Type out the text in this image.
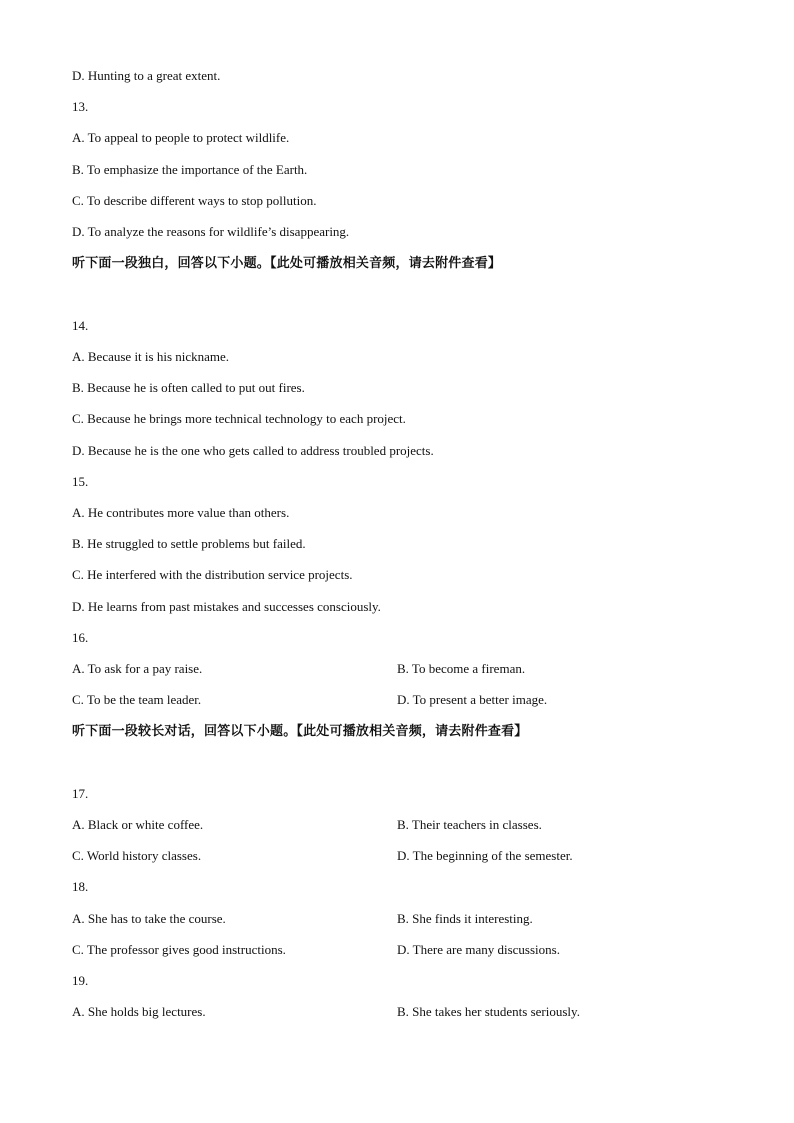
D. Hunting to a great extent.
13.
A. To appeal to people to protect wildlife.
B. To emphasize the importance of the Earth.
C. To describe different ways to stop pollution.
D. To analyze the reasons for wildlife’s disappearing.
听下面一段独白，回答以下小题。【此处可播放相关音频，请去附件查看】
14.
A. Because it is his nickname.
B. Because he is often called to put out fires.
C. Because he brings more technical technology to each project.
D. Because he is the one who gets called to address troubled projects.
15.
A. He contributes more value than others.
B. He struggled to settle problems but failed.
C. He interfered with the distribution service projects.
D. He learns from past mistakes and successes consciously.
16.
A. To ask for a pay raise.	B. To become a fireman.
C. To be the team leader.	D. To present a better image.
听下面一段较长对话，回答以下小题。【此处可播放相关音频，请去附件查看】
17.
A. Black or white coffee.	B. Their teachers in classes.
C. World history classes.	D. The beginning of the semester.
18.
A. She has to take the course.	B. She finds it interesting.
C. The professor gives good instructions.	D. There are many discussions.
19.
A. She holds big lectures.	B. She takes her students seriously.
